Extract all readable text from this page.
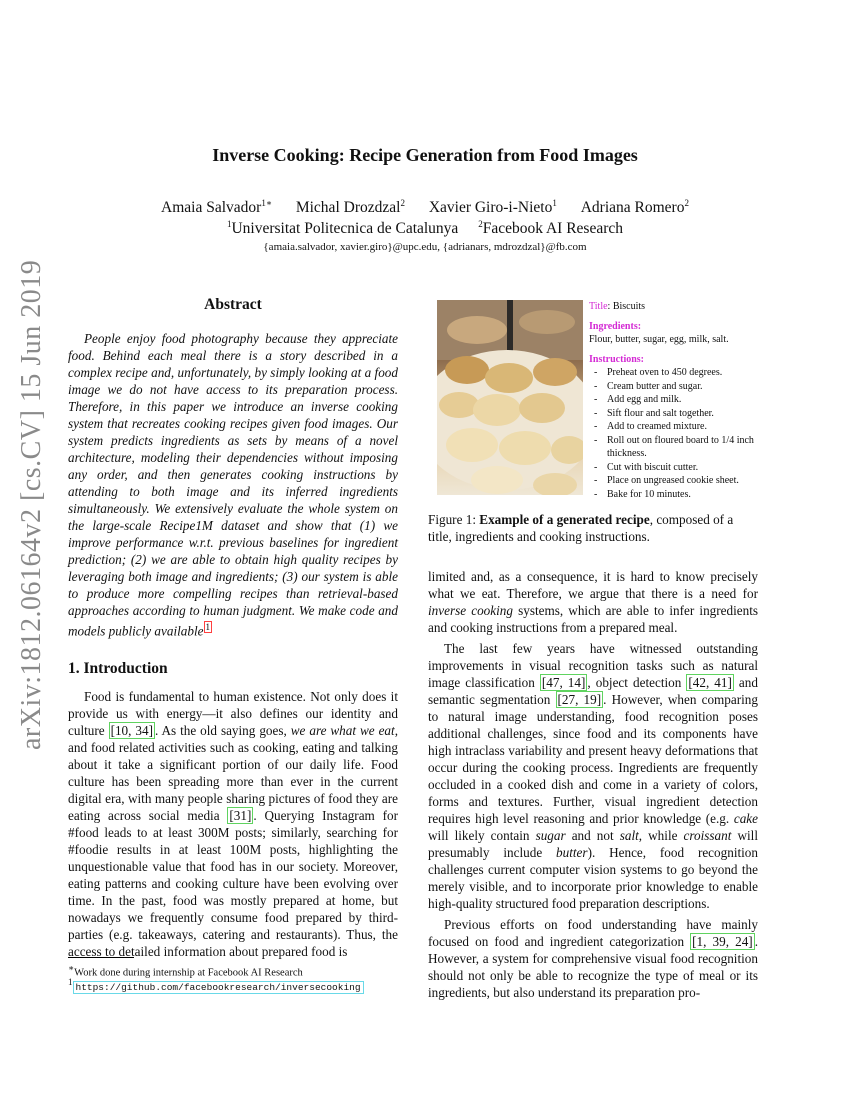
arXiv:1812.06164v2 [cs.CV] 15 Jun 2019
Inverse Cooking: Recipe Generation from Food Images
Amaia Salvador$^{1∗}$ Michal Drozdzal$^2$ Xavier Giro-i-Nieto$^1$ Adriana Romero$^2$
$^1$Universitat Politecnica de Catalunya $^2$Facebook AI Research
{amaia.salvador, xavier.giro}@upc.edu, {adrianars, mdrozdzal}@fb.com
Abstract
People enjoy food photography because they appreciate food. Behind each meal there is a story described in a complex recipe and, unfortunately, by simply looking at a food image we do not have access to its preparation process. Therefore, in this paper we introduce an inverse cooking system that recreates cooking recipes given food images. Our system predicts ingredients as sets by means of a novel architecture, modeling their dependencies without imposing any order, and then generates cooking instructions by attending to both image and its inferred ingredients simultaneously. We extensively evaluate the whole system on the large-scale Recipe1M dataset and show that (1) we improve performance w.r.t. previous baselines for ingredient prediction; (2) we are able to obtain high quality recipes by leveraging both image and ingredients; (3) our system is able to produce more compelling recipes than retrieval-based approaches according to human judgment. We make code and models publicly available $^1$
1. Introduction
Food is fundamental to human existence. Not only does it provide us with energy—it also defines our identity and culture [10, 34] . As the old saying goes, we are what we eat, and food related activities such as cooking, eating and talking about it take a significant portion of our daily life. Food culture has been spreading more than ever in the current digital era, with many people sharing pictures of food they are eating across social media [31] . Querying Instagram for #food leads to at least 300M posts; similarly, searching for #foodie results in at least 100M posts, highlighting the unquestionable value that food has in our society. Moreover, eating patterns and cooking culture have been evolving over time. In the past, food was mostly prepared at home, but nowadays we frequently consume food prepared by third-parties (e.g. takeaways, catering and restaurants). Thus, the access to detailed information about prepared food is
∗Work done during internship at Facebook AI Research
$^1$ https://github.com/facebookresearch/inversecooking
Title: Biscuits
Ingredients:
Flour, butter, sugar, egg, milk, salt.
Instructions:
- Preheat oven to 450 degrees.
- Cream butter and sugar.
- Add egg and milk.
- Sift flour and salt together.
- Add to creamed mixture.
- Roll out on floured board to 1/4 inch thickness.
- Cut with biscuit cutter.
- Place on ungreased cookie sheet.
- Bake for 10 minutes.
Figure 1: Example of a generated recipe, composed of a title, ingredients and cooking instructions.

limited and, as a consequence, it is hard to know precisely what we eat. Therefore, we argue that there is a need for inverse cooking systems, which are able to infer ingredients and cooking instructions from a prepared meal.

The last few years have witnessed outstanding improvements in visual recognition tasks such as natural image classification [47, 14] , object detection [42, 41] and semantic segmentation [27, 19] . However, when comparing to natural image understanding, food recognition poses additional challenges, since food and its components have high intraclass variability and present heavy deformations that occur during the cooking process. Ingredients are frequently occluded in a cooked dish and come in a variety of colors, forms and textures. Further, visual ingredient detection requires high level reasoning and prior knowledge (e.g. cake will likely contain sugar and not salt, while croissant will presumably include butter). Hence, food recognition challenges current computer vision systems to go beyond the merely visible, and to incorporate prior knowledge to enable high-quality structured food preparation descriptions.

Previous efforts on food understanding have mainly focused on food and ingredient categorization [1, 39, 24] . However, a system for comprehensive visual food recognition should not only be able to recognize the type of meal or its ingredients, but also understand its preparation pro-
